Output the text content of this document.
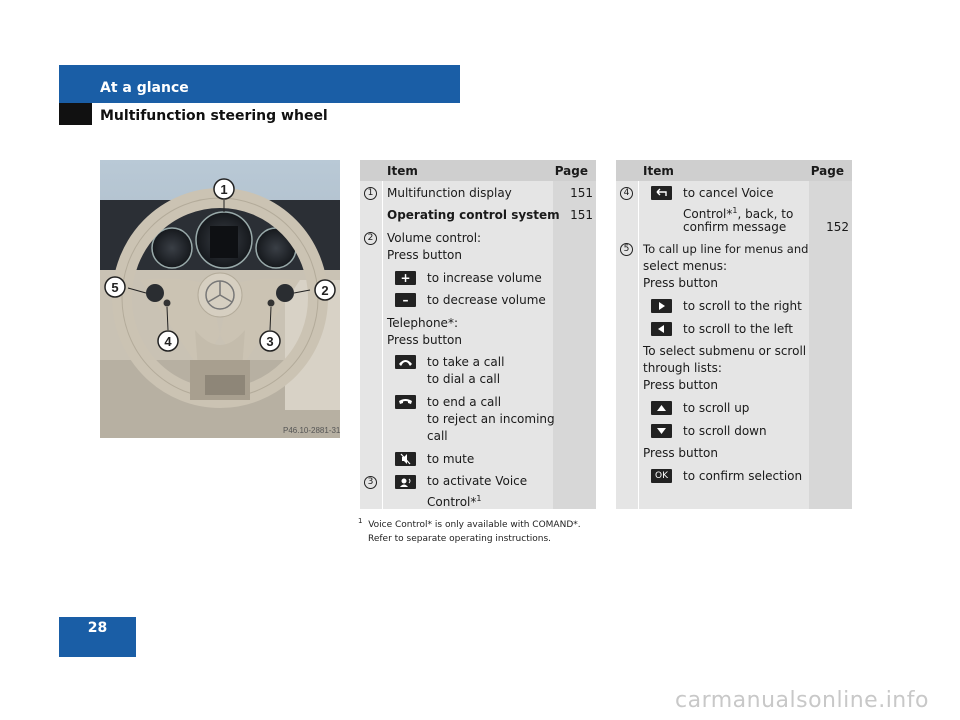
At a glance
Multifunction steering wheel
1
2
3
4
5
P46.10-2881-31
Item	Page
1	Multifunction display	151
Operating control system 151
2	Volume control:
Press button
+	to increase volume
–	to decrease volume
Telephone*:
Press button
to take a call
to dial a call
to end a call
to reject an incoming
call
to mute
3	to activate Voice
Control*$^1$
Item	Page
4	to cancel Voice
Control*$^1$, back, to
confirm message	152
5	To call up line for menus and
select menus:
Press button
to scroll to the right
to scroll to the left
To select submenu or scroll
through lists:
Press button
to scroll up
to scroll down
Press button
OK	to confirm selection
$^1$ Voice Control* is only available with COMAND*.
Refer to separate operating instructions.
28
carmanualsonline.info
